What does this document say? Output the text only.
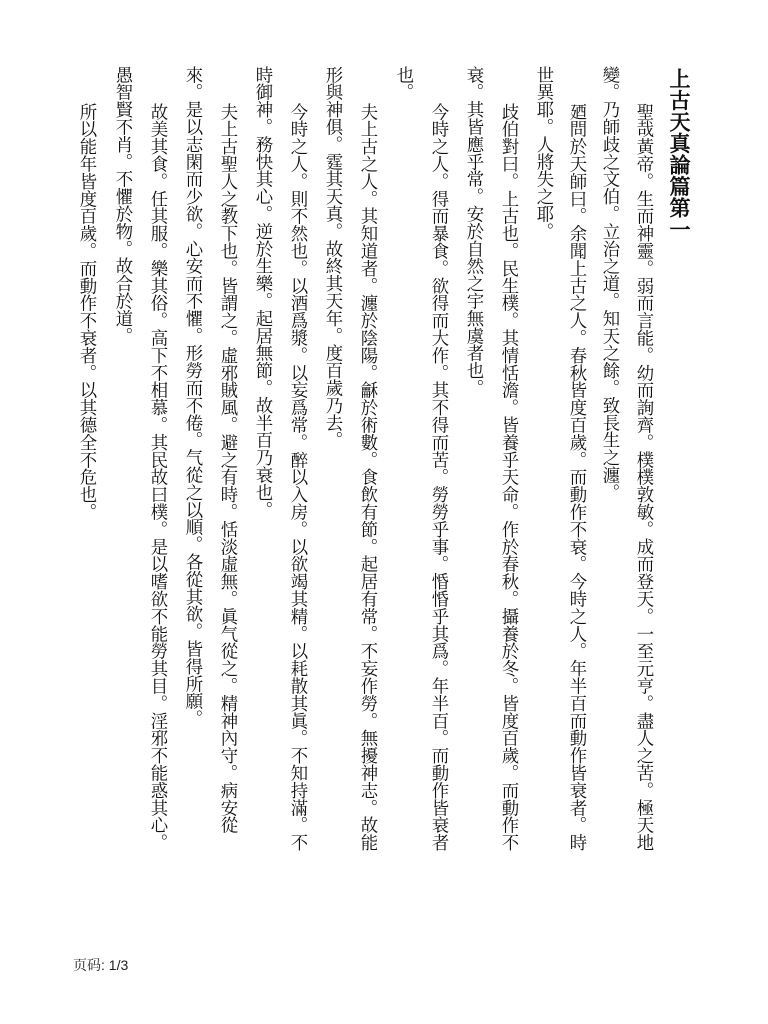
上古天真論篇第一
聖哉黃帝。生而神靈。弱而言能。幼而詢齊。樸樸敦敏。成而登天。一至元亨。盡人之苦。極天地
變。乃師歧之文伯。立治之道。知天之餘。致長生之瀍。
廼問於天師曰。余聞上古之人。春秋皆度百歲。而動作不衰。今時之人。年半百而動作皆衰者。時
世異耶。人將失之耶。
歧伯對曰。上古也。民生樸。其情恬澹。皆養乎天命。作於春秋。攝養於冬。皆度百歲。而動作不
衰。其皆應乎常。安於自然之宇無虞者也。
今時之人。得而暴食。欲得而大作。其不得而苦。勞勞乎事。惛惛乎其爲。年半百。而動作皆衰者
也。
夫上古之人。其知道者。瀍於陰陽。龢於術數。食飲有節。起居有常。不妄作勞。無擾神志。故能
形與神俱。霆其天真。故終其天年。度百歲乃去。
今時之人。則不然也。以酒爲漿。以妄爲常。醉以入房。以欲竭其精。以耗散其眞。不知持滿。不
時御神。務快其心。逆於生樂。起居無節。故半百乃衰也。
夫上古聖人之教下也。皆謂之。虛邪賊風。避之有時。恬淡虛無。眞气從之。精神內守。病安從
來。是以志閑而少欲。心安而不懼。形勞而不倦。气從之以順。各從其欲。皆得所願。
故美其食。任其服。樂其俗。高下不相慕。其民故曰樸。是以嗜欲不能勞其目。淫邪不能惑其心。
愚智賢不肖。不懼於物。故合於道。
所以能年皆度百歲。而動作不衰者。以其德全不危也。
页码: 1/3
